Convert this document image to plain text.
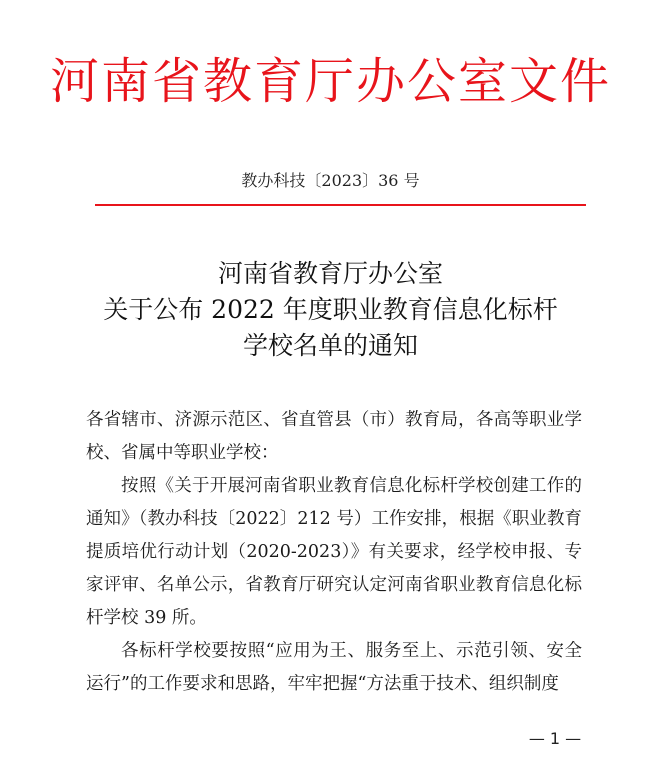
河南省教育厅办公室文件
教办科技〔2023〕36 号
河南省教育厅办公室
关于公布 2022 年度职业教育信息化标杆
学校名单的通知

各省辖市、济源示范区、省直管县（市）教育局，各高等职业学校、省属中等职业学校：

按照《关于开展河南省职业教育信息化标杆学校创建工作的通知》（教办科技〔2022〕212 号）工作安排，根据《职业教育提质培优行动计划（2020-2023）》有关要求，经学校申报、专家评审、名单公示，省教育厅研究认定河南省职业教育信息化标杆学校 39 所。

各标杆学校要按照“应用为王、服务至上、示范引领、安全运行”的工作要求和思路，牢牢把握“方法重于技术、组织制度

— 1 —
